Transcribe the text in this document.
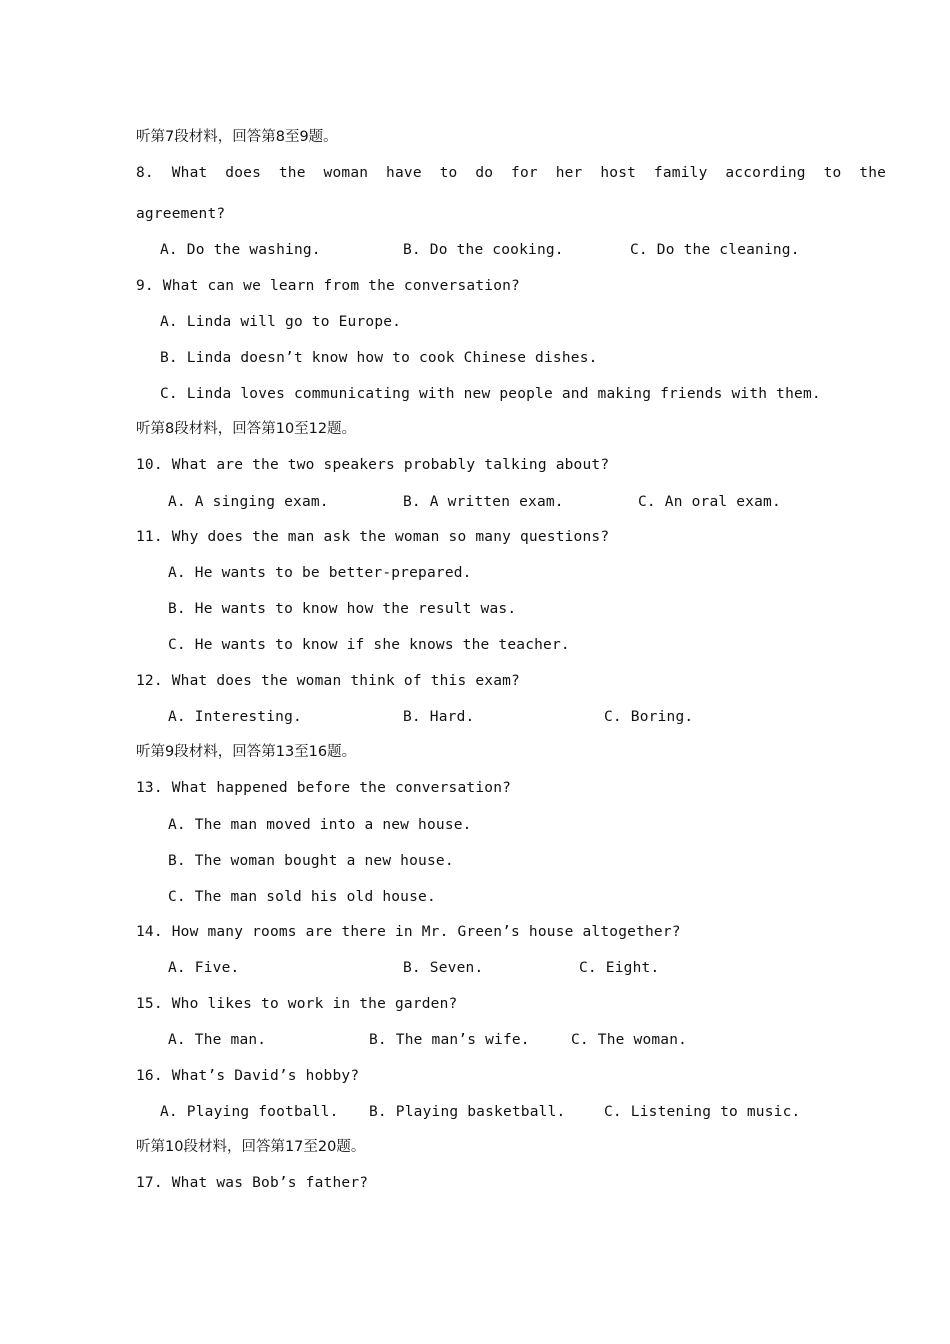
听第7段材料，回答第8至9题。
8.  What  does  the  woman  have  to  do  for  her  host  family  according  to  the
agreement?
A. Do the washing.	B. Do the cooking.	C. Do the cleaning.
9. What can we learn from the conversation?
A. Linda will go to Europe.
B. Linda doesn’t know how to cook Chinese dishes.
C. Linda loves communicating with new people and making friends with them.
听第8段材料，回答第10至12题。
10. What are the two speakers probably talking about?
A. A singing exam.	B. A written exam.	C. An oral exam.
11. Why does the man ask the woman so many questions?
A. He wants to be better-prepared.
B. He wants to know how the result was.
C. He wants to know if she knows the teacher.
12. What does the woman think of this exam?
A. Interesting.	B. Hard.	C. Boring.
听第9段材料，回答第13至16题。
13. What happened before the conversation?
A. The man moved into a new house.
B. The woman bought a new house.
C. The man sold his old house.
14. How many rooms are there in Mr. Green’s house altogether?
A. Five.	B. Seven.	C. Eight.
15. Who likes to work in the garden?
A. The man.	B. The man’s wife.	C. The woman.
16. What’s David’s hobby?
A. Playing football. B. Playing basketball.	C. Listening to music.
听第10段材料，回答第17至20题。
17. What was Bob’s father?
